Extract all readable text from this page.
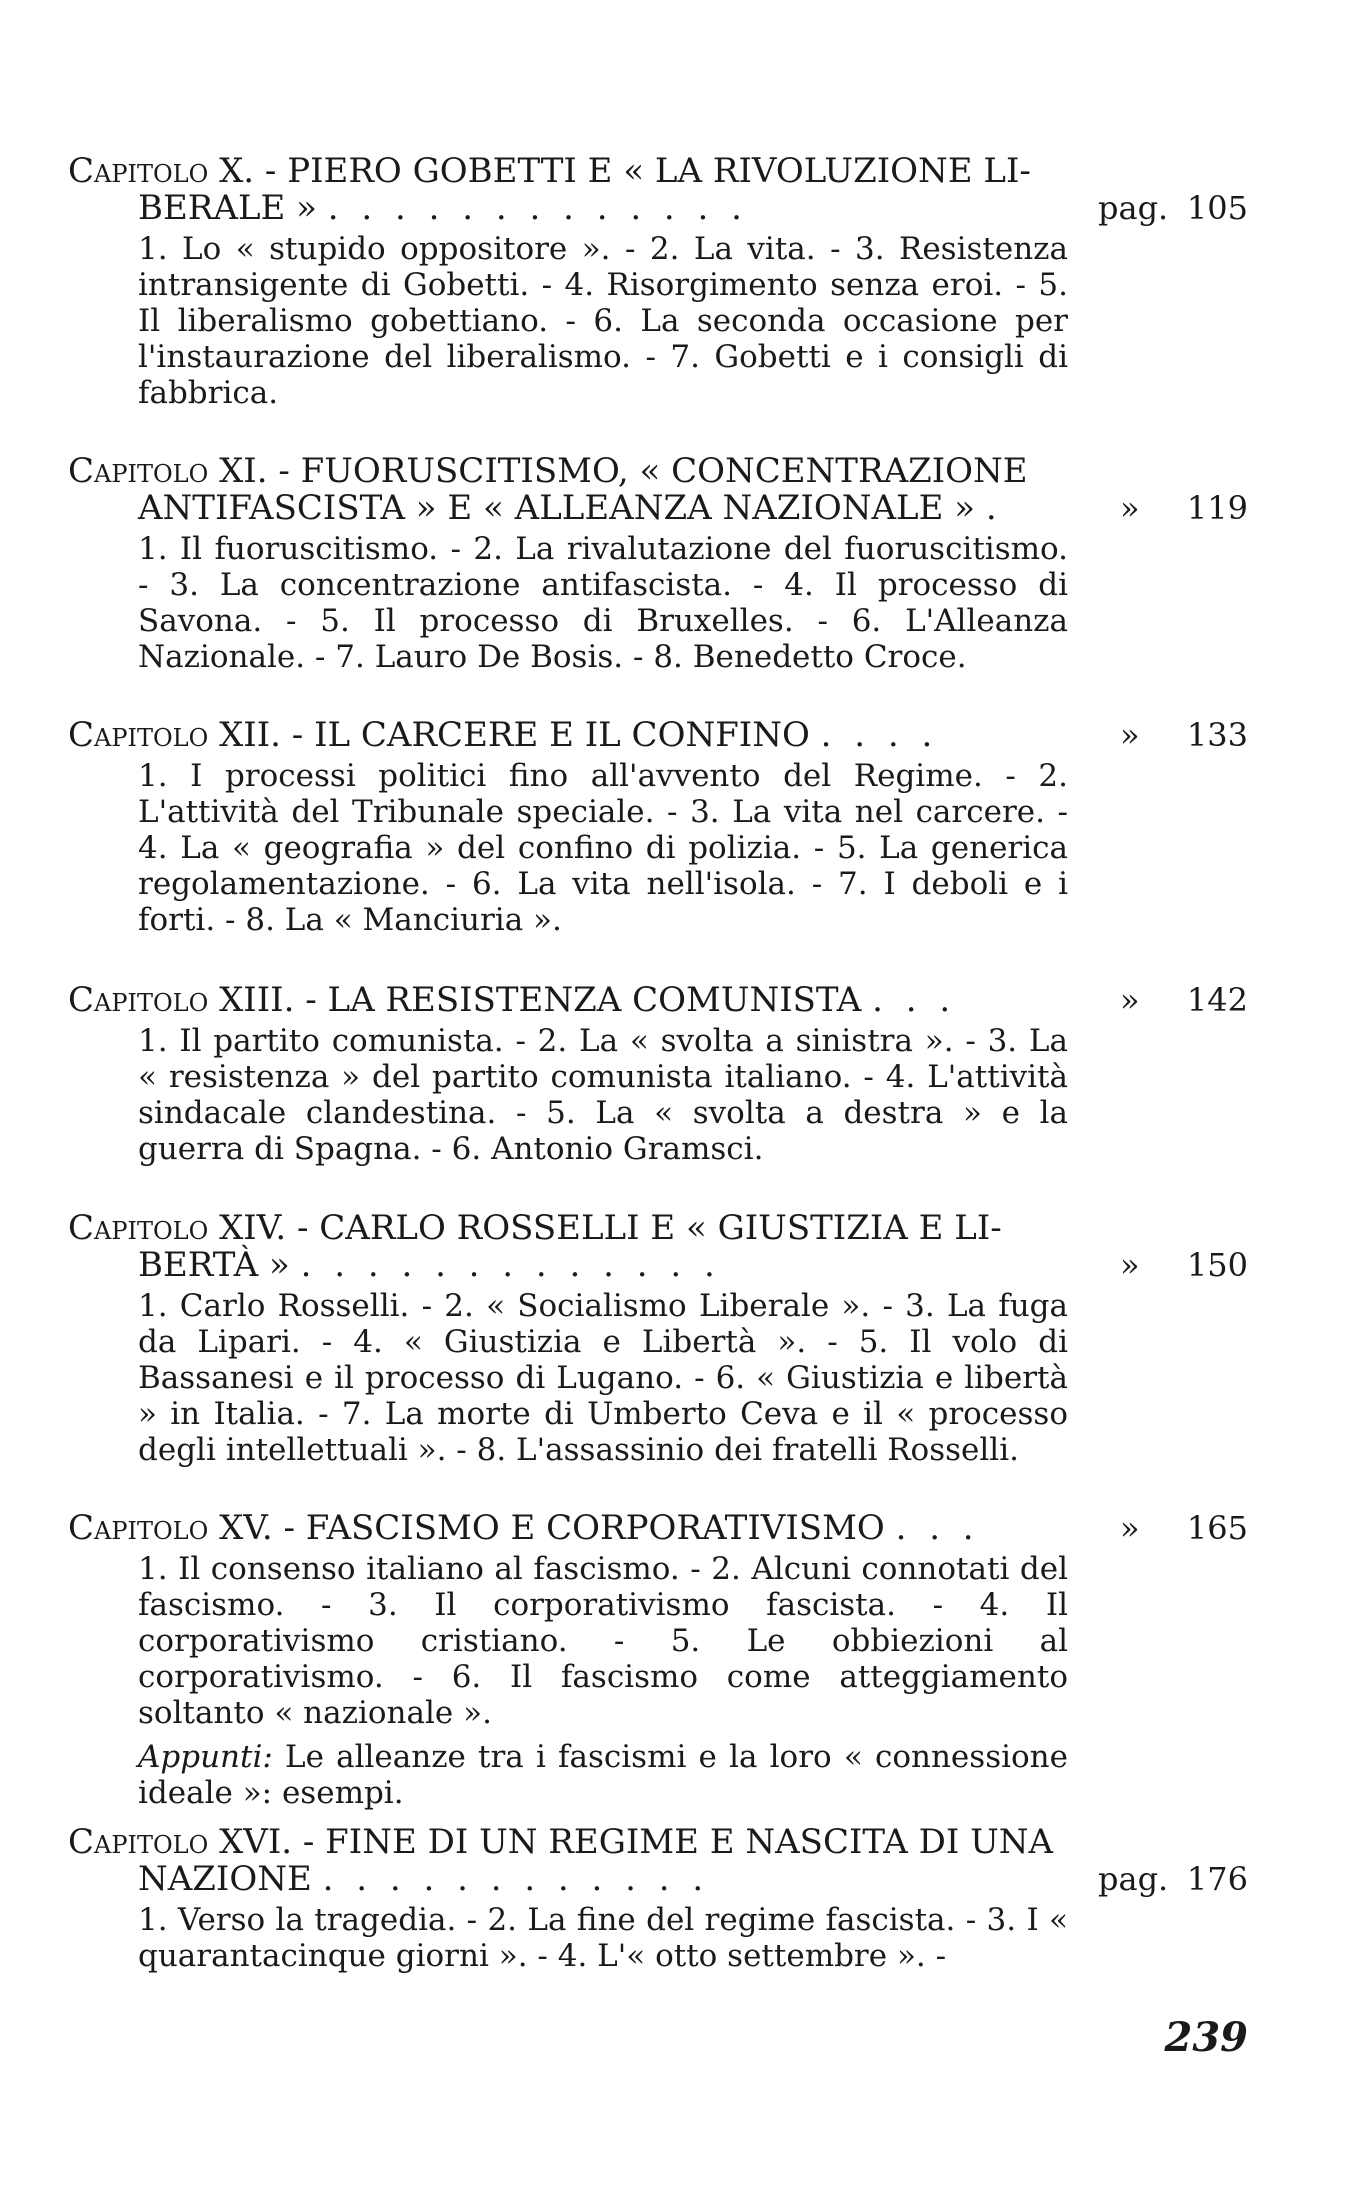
Capitolo X. - PIERO GOBETTI E « LA RIVOLUZIONE LI-
BERALE » . . . . . . . . . . . . .	pag. 105

1. Lo « stupido oppositore ». - 2. La vita. - 3. Resistenza intransigente di Gobetti. - 4. Risorgimento senza eroi. - 5. Il liberalismo gobettiano. - 6. La seconda occasione per l'instaurazione del liberalismo. - 7. Gobetti e i consigli di fabbrica.

Capitolo XI. - FUORUSCITISMO, « CONCENTRAZIONE
ANTIFASCISTA » E « ALLEANZA NAZIONALE » .	» 119

1. Il fuoruscitismo. - 2. La rivalutazione del fuoruscitismo. - 3. La concentrazione antifascista. - 4. Il processo di Savona. - 5. Il processo di Bruxelles. - 6. L'Alleanza Nazionale. - 7. Lauro De Bosis. - 8. Benedetto Croce.

Capitolo XII. - IL CARCERE E IL CONFINO . . . .	» 133

1. I processi politici fino all'avvento del Regime. - 2. L'attività del Tribunale speciale. - 3. La vita nel carcere. - 4. La « geografia » del confino di polizia. - 5. La generica regolamentazione. - 6. La vita nell'isola. - 7. I deboli e i forti. - 8. La « Manciuria ».

Capitolo XIII. - LA RESISTENZA COMUNISTA . . .	» 142

1. Il partito comunista. - 2. La « svolta a sinistra ». - 3. La « resistenza » del partito comunista italiano. - 4. L'attività sindacale clandestina. - 5. La « svolta a destra » e la guerra di Spagna. - 6. Antonio Gramsci.

Capitolo XIV. - CARLO ROSSELLI E « GIUSTIZIA E LI-
BERTÀ » . . . . . . . . . . . . .	» 150

1. Carlo Rosselli. - 2. « Socialismo Liberale ». - 3. La fuga da Lipari. - 4. « Giustizia e Libertà ». - 5. Il volo di Bassanesi e il processo di Lugano. - 6. « Giustizia e libertà » in Italia. - 7. La morte di Umberto Ceva e il « processo degli intellettuali ». - 8. L'assassinio dei fratelli Rosselli.

Capitolo XV. - FASCISMO E CORPORATIVISMO . . .	» 165

1. Il consenso italiano al fascismo. - 2. Alcuni connotati del fascismo. - 3. Il corporativismo fascista. - 4. Il corporativismo cristiano. - 5. Le obbiezioni al corporativismo. - 6. Il fascismo come atteggiamento soltanto « nazionale ».

Appunti: Le alleanze tra i fascismi e la loro « connessione ideale »: esempi.

Capitolo XVI. - FINE DI UN REGIME E NASCITA DI UNA
NAZIONE . . . . . . . . . . . .	pag. 176

1. Verso la tragedia. - 2. La fine del regime fascista. - 3. I « quarantacinque giorni ». - 4. L'« otto settembre ». -

239
